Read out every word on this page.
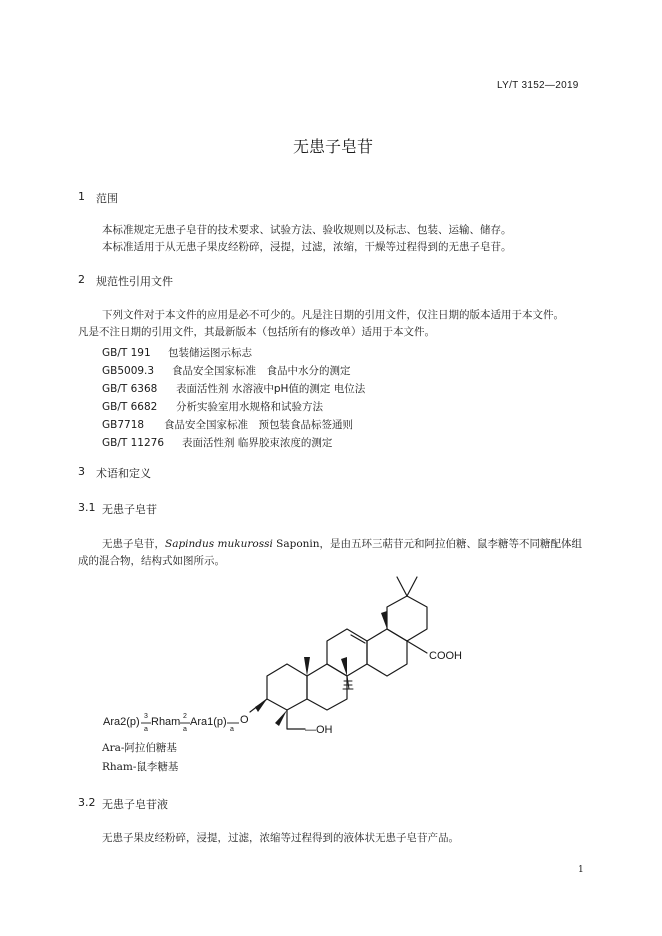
LY/T 3152—2019
无患子皂苷
1 范围
本标准规定无患子皂苷的技术要求、试验方法、验收规则以及标志、包装、运输、储存。
本标准适用于从无患子果皮经粉碎，浸提，过滤，浓缩，干燥等过程得到的无患子皂苷。
2 规范性引用文件
下列文件对于本文件的应用是必不可少的。凡是注日期的引用文件，仅注日期的版本适用于本文件。
凡是不注日期的引用文件，其最新版本（包括所有的修改单）适用于本文件。
GB/T 191 包装储运图示标志
GB5009.3 食品安全国家标准　食品中水分的测定
GB/T 6368 表面活性剂 水溶液中pH值的测定 电位法
GB/T 6682 分析实验室用水规格和试验方法
GB7718 食品安全国家标准　预包装食品标签通则
GB/T 11276 表面活性剂 临界胶束浓度的测定
3 术语和定义
3.1 无患子皂苷
无患子皂苷，Sapindus mukurossi Saponin，是由五环三萜苷元和阿拉伯糖、鼠李糖等不同糖配体组
成的混合物，结构式如图所示。
COOH
—OH
O
Ara2(p) 3
a
Rham 2
a
Ara1(p)
a
Ara-阿拉伯糖基
Rham-鼠李糖基
3.2 无患子皂苷液
无患子果皮经粉碎，浸提，过滤，浓缩等过程得到的液体状无患子皂苷产品。
1
